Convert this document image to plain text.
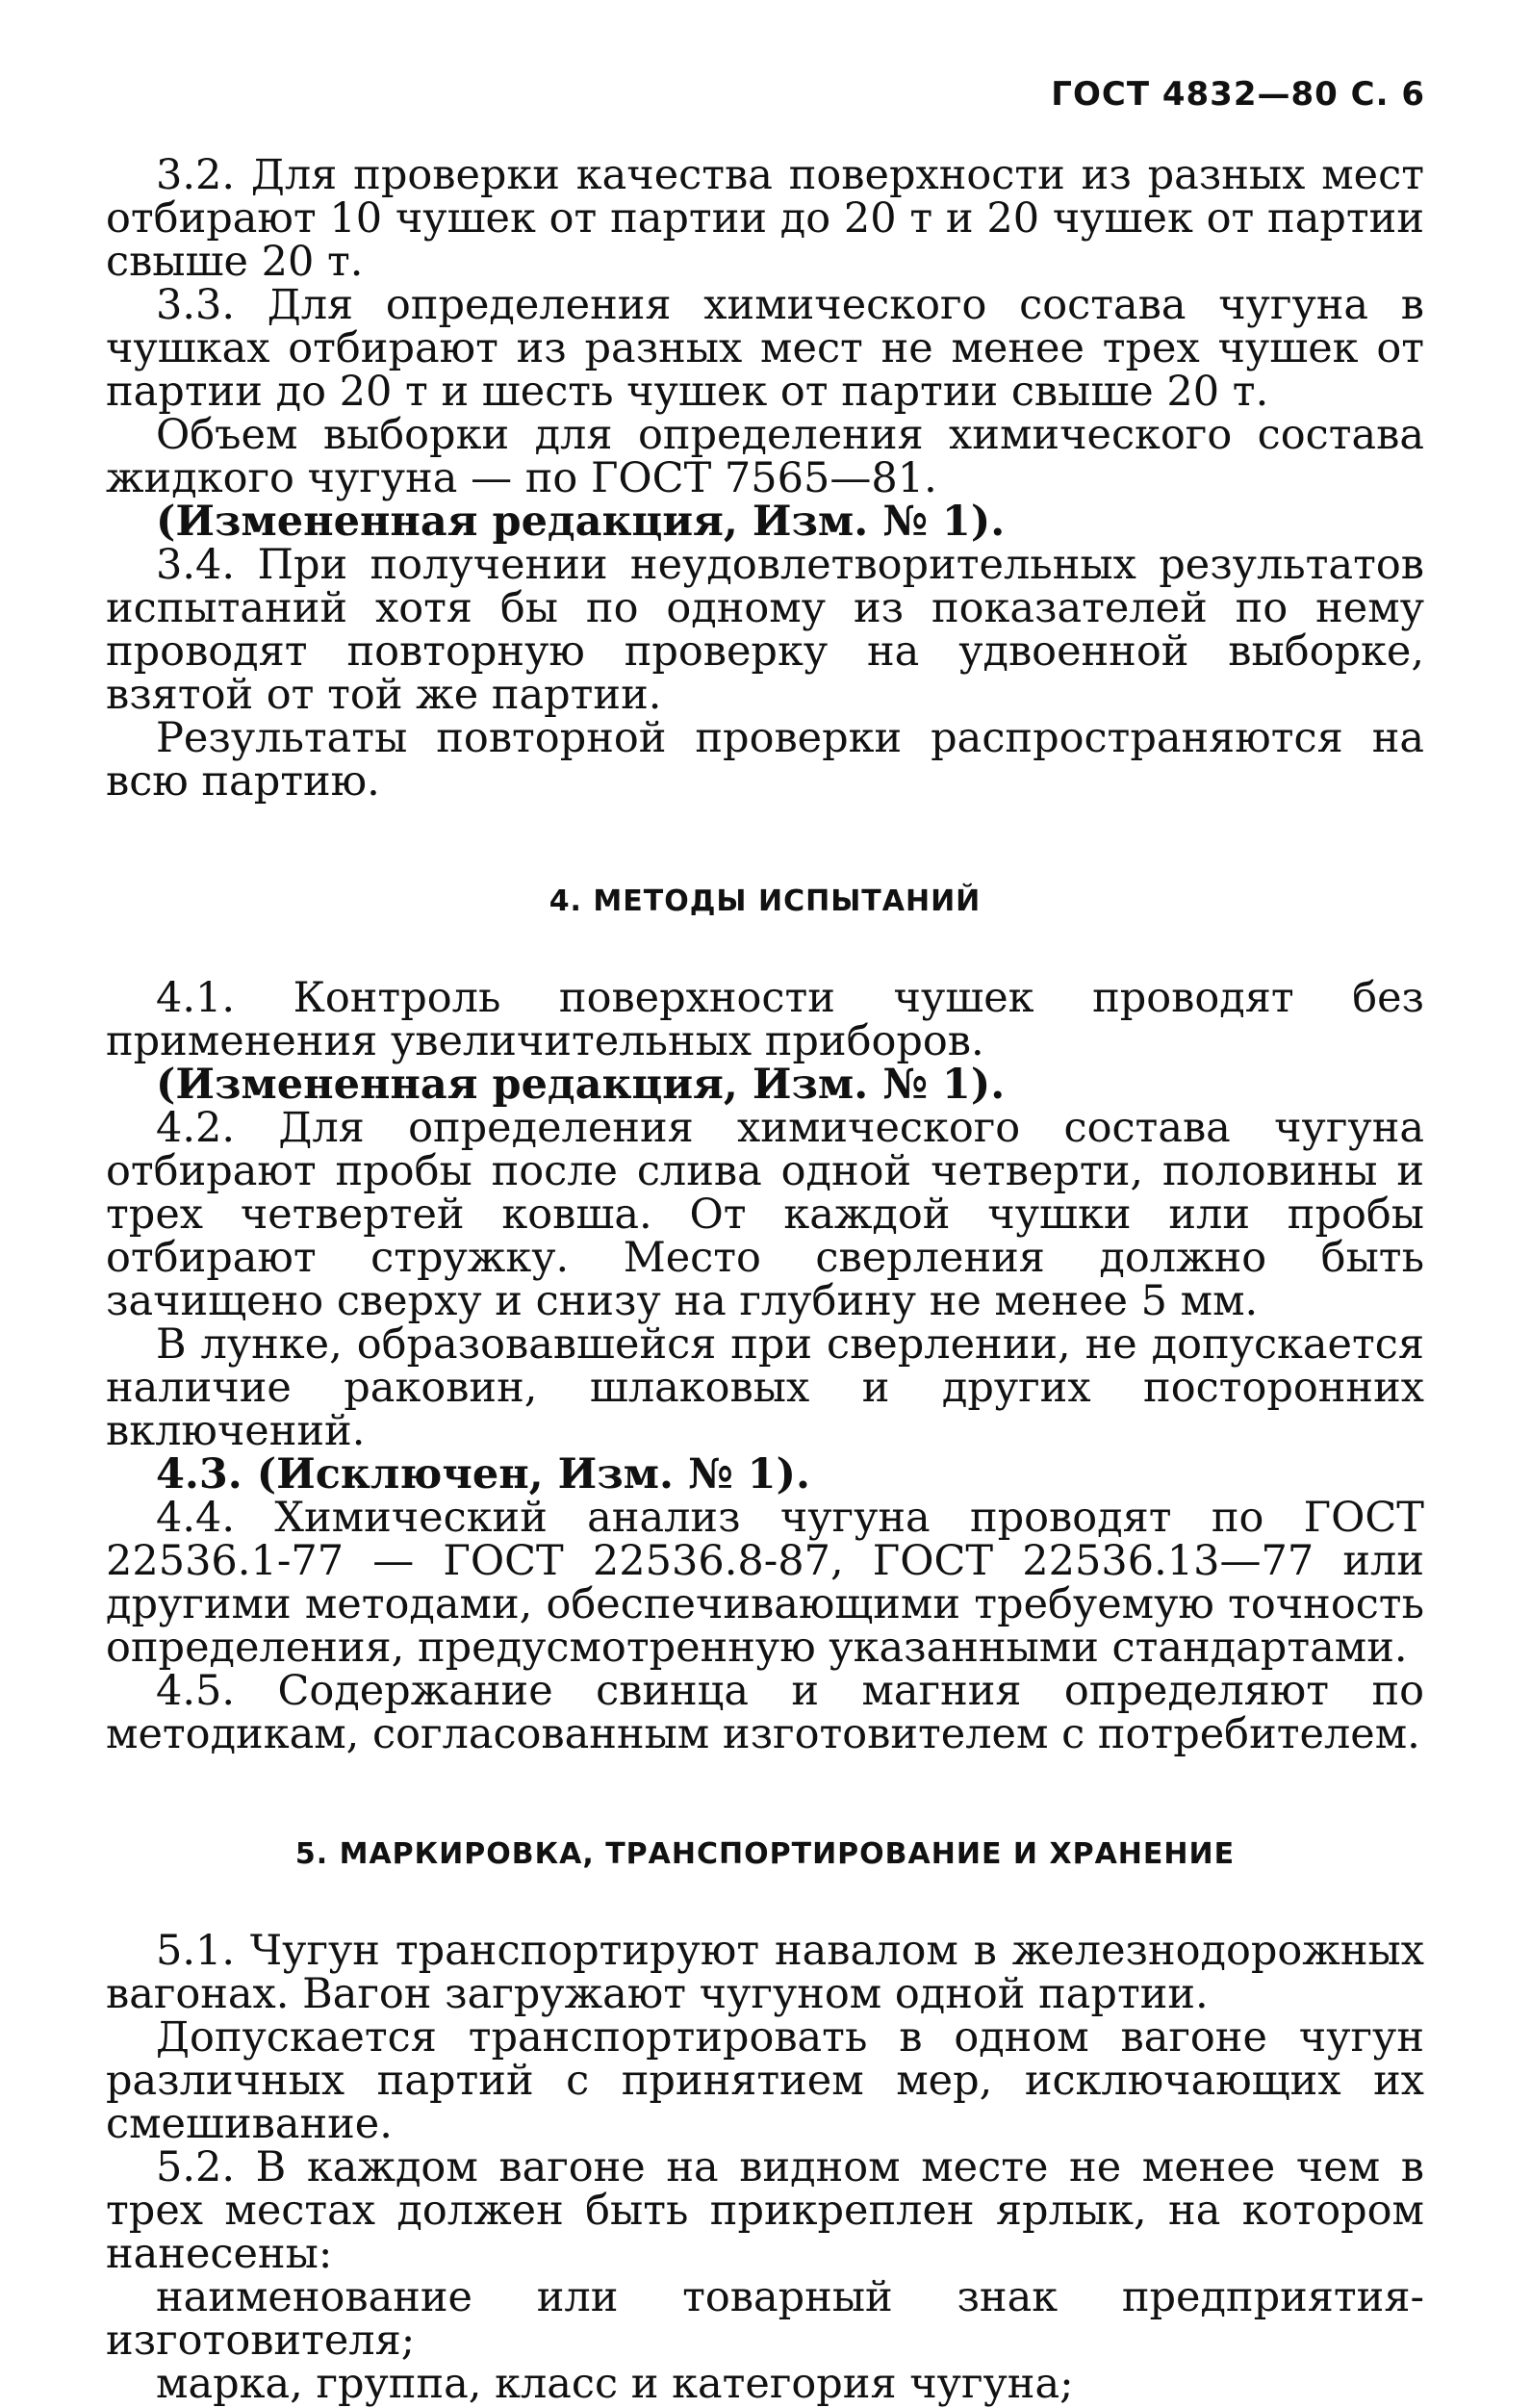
ГОСТ 4832—80 С. 6

3.2. Для проверки качества поверхности из разных мест отбирают 10 чушек от партии до 20 т и 20 чушек от партии свыше 20 т.

3.3. Для определения химического состава чугуна в чушках отбирают из разных мест не менее трех чушек от партии до 20 т и шесть чушек от партии свыше 20 т.

Объем выборки для определения химического состава жидкого чугуна — по ГОСТ 7565—81.

(Измененная редакция, Изм. № 1).

3.4. При получении неудовлетворительных результатов испытаний хотя бы по одному из показателей по нему проводят повторную проверку на удвоенной выборке, взятой от той же партии.

Результаты повторной проверки распространяются на всю партию.

4. МЕТОДЫ ИСПЫТАНИЙ

4.1. Контроль поверхности чушек проводят без применения увеличительных приборов.

(Измененная редакция, Изм. № 1).

4.2. Для определения химического состава чугуна отбирают пробы после слива одной четверти, половины и трех четвертей ковша. От каждой чушки или пробы отбирают стружку. Место сверления должно быть зачищено сверху и снизу на глубину не менее 5 мм.

В лунке, образовавшейся при сверлении, не допускается наличие раковин, шлаковых и других посторонних включений.

4.3. (Исключен, Изм. № 1).

4.4. Химический анализ чугуна проводят по ГОСТ 22536.1-77 — ГОСТ 22536.8-87, ГОСТ 22536.13—77 или другими методами, обеспечивающими требуемую точность определения, предусмотренную указанными стандартами.

4.5. Содержание свинца и магния определяют по методикам, согласованным изготовителем с потребителем.

5. МАРКИРОВКА, ТРАНСПОРТИРОВАНИЕ И ХРАНЕНИЕ

5.1. Чугун транспортируют навалом в железнодорожных вагонах. Вагон загружают чугуном одной партии.

Допускается транспортировать в одном вагоне чугун различных партий с принятием мер, исключающих их смешивание.

5.2. В каждом вагоне на видном месте не менее чем в трех местах должен быть прикреплен ярлык, на котором нанесены:

наименование или товарный знак предприятия-изготовителя;

марка, группа, класс и категория чугуна;
